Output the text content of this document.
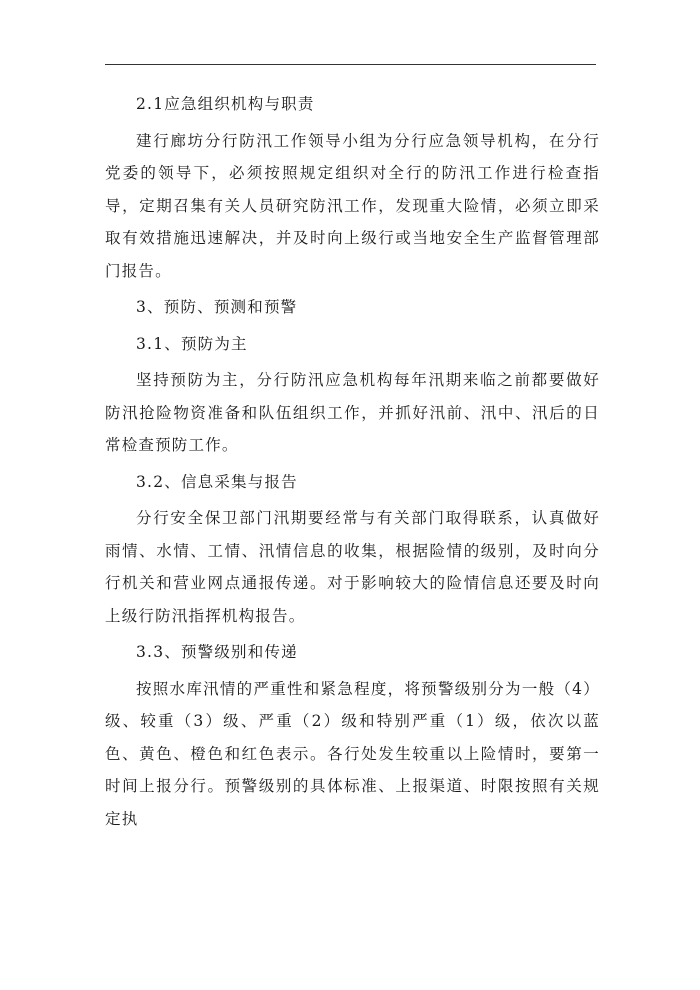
2.1应急组织机构与职责

建行廊坊分行防汛工作领导小组为分行应急领导机构，在分行党委的领导下，必须按照规定组织对全行的防汛工作进行检查指导，定期召集有关人员研究防汛工作，发现重大险情，必须立即采取有效措施迅速解决，并及时向上级行或当地安全生产监督管理部门报告。

3、预防、预测和预警

3.1、预防为主

坚持预防为主，分行防汛应急机构每年汛期来临之前都要做好防汛抢险物资准备和队伍组织工作，并抓好汛前、汛中、汛后的日常检查预防工作。

3.2、信息采集与报告

分行安全保卫部门汛期要经常与有关部门取得联系，认真做好雨情、水情、工情、汛情信息的收集，根据险情的级别，及时向分行机关和营业网点通报传递。对于影响较大的险情信息还要及时向上级行防汛指挥机构报告。

3.3、预警级别和传递

按照水库汛情的严重性和紧急程度，将预警级别分为一般（4）级、较重（3）级、严重（2）级和特别严重（1）级，依次以蓝色、黄色、橙色和红色表示。各行处发生较重以上险情时，要第一时间上报分行。预警级别的具体标准、上报渠道、时限按照有关规定执
